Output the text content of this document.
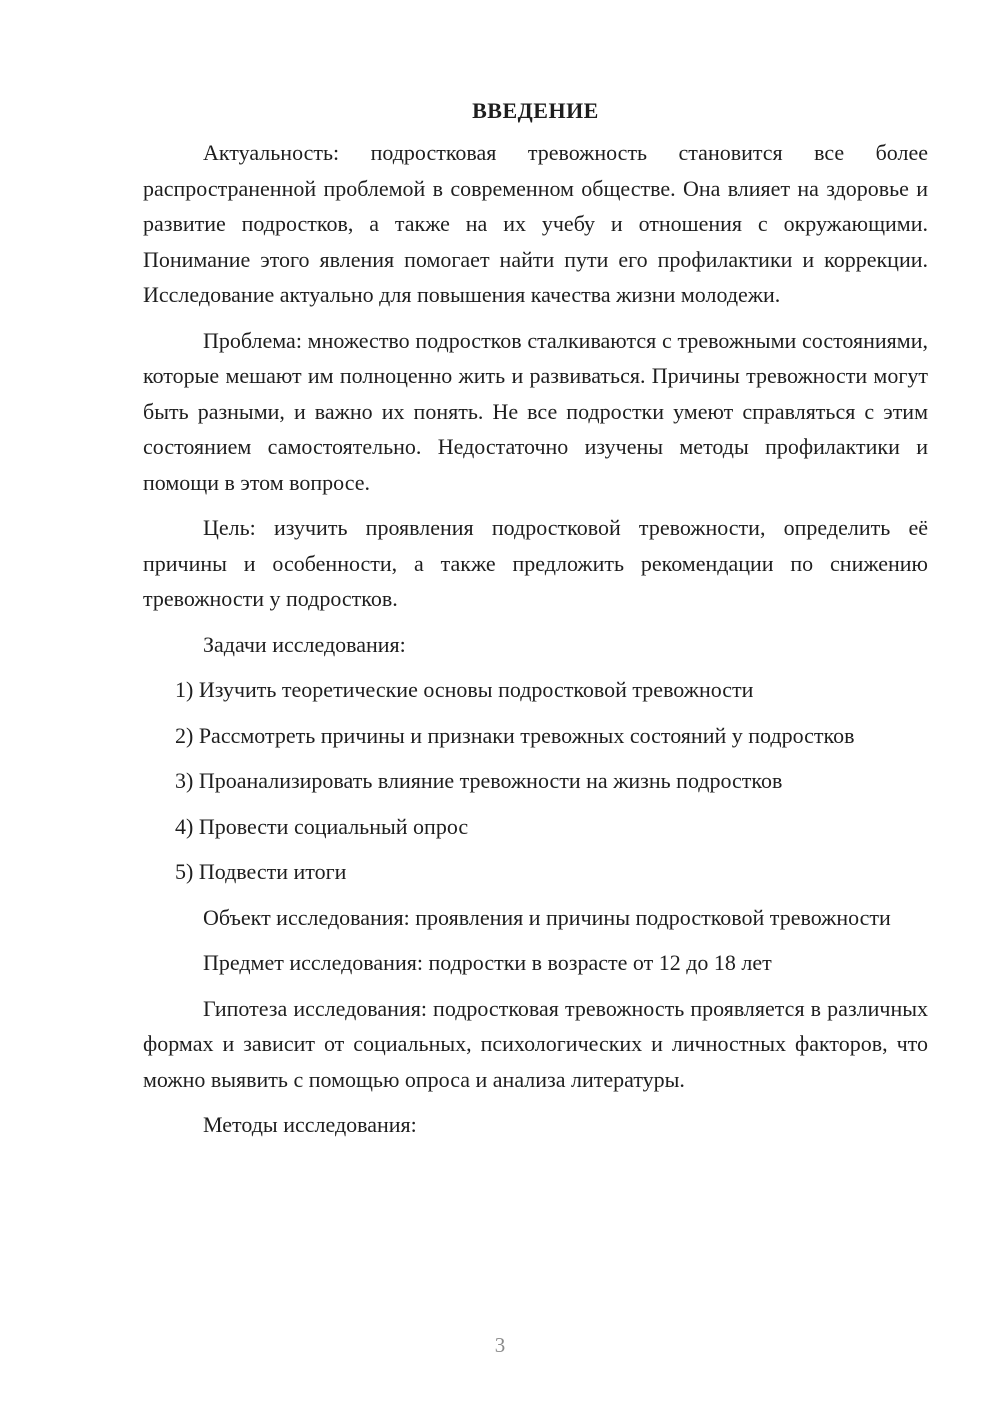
ВВЕДЕНИЕ

Актуальность: подростковая тревожность становится все более распространенной проблемой в современном обществе. Она влияет на здоровье и развитие подростков, а также на их учебу и отношения с окружающими. Понимание этого явления помогает найти пути его профилактики и коррекции. Исследование актуально для повышения качества жизни молодежи.

Проблема: множество подростков сталкиваются с тревожными состояниями, которые мешают им полноценно жить и развиваться. Причины тревожности могут быть разными, и важно их понять. Не все подростки умеют справляться с этим состоянием самостоятельно. Недостаточно изучены методы профилактики и помощи в этом вопросе.

Цель: изучить проявления подростковой тревожности, определить её причины и особенности, а также предложить рекомендации по снижению тревожности у подростков.

Задачи исследования:

1) Изучить теоретические основы подростковой тревожности

2) Рассмотреть причины и признаки тревожных состояний у подростков

3) Проанализировать влияние тревожности на жизнь подростков

4) Провести социальный опрос

5) Подвести итоги

Объект исследования: проявления и причины подростковой тревожности

Предмет исследования: подростки в возрасте от 12 до 18 лет

Гипотеза исследования: подростковая тревожность проявляется в различных формах и зависит от социальных, психологических и личностных факторов, что можно выявить с помощью опроса и анализа литературы.

Методы исследования:

3
